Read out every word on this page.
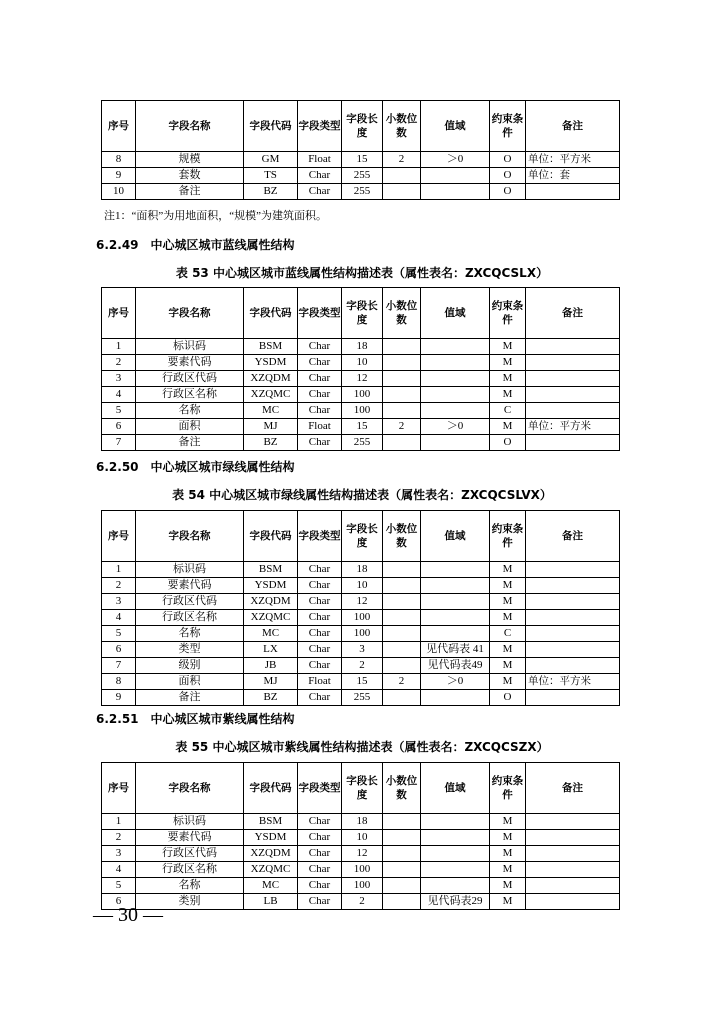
序号	字段名称	字段代码	字段类型	字段长度	小数位数	值域	约束条件	备注
8	规模	GM	Float	15	2	＞0	O	单位：平方米
9	套数	TS	Char	255			O	单位：套
10	备注	BZ	Char	255			O	
注1：“面积”为用地面积，“规模”为建筑面积。
6.2.49　中心城区城市蓝线属性结构
表 53 中心城区城市蓝线属性结构描述表（属性表名：ZXCQCSLX）
序号	字段名称	字段代码	字段类型	字段长度	小数位数	值域	约束条件	备注
1	标识码	BSM	Char	18			M	
2	要素代码	YSDM	Char	10			M	
3	行政区代码	XZQDM	Char	12			M	
4	行政区名称	XZQMC	Char	100			M	
5	名称	MC	Char	100			C	
6	面积	MJ	Float	15	2	＞0	M	单位：平方米
7	备注	BZ	Char	255			O	
6.2.50　中心城区城市绿线属性结构
表 54 中心城区城市绿线属性结构描述表（属性表名：ZXCQCSLVX）
序号	字段名称	字段代码	字段类型	字段长度	小数位数	值域	约束条件	备注
1	标识码	BSM	Char	18			M	
2	要素代码	YSDM	Char	10			M	
3	行政区代码	XZQDM	Char	12			M	
4	行政区名称	XZQMC	Char	100			M	
5	名称	MC	Char	100			C	
6	类型	LX	Char	3		见代码表 41	M	
7	级别	JB	Char	2		见代码表49	M	
8	面积	MJ	Float	15	2	＞0	M	单位：平方米
9	备注	BZ	Char	255			O	
6.2.51　中心城区城市紫线属性结构
表 55 中心城区城市紫线属性结构描述表（属性表名：ZXCQCSZX）
序号	字段名称	字段代码	字段类型	字段长度	小数位数	值域	约束条件	备注
1	标识码	BSM	Char	18			M	
2	要素代码	YSDM	Char	10			M	
3	行政区代码	XZQDM	Char	12			M	
4	行政区名称	XZQMC	Char	100			M	
5	名称	MC	Char	100			M	
6	类别	LB	Char	2		见代码表29	M	
— 30 —
